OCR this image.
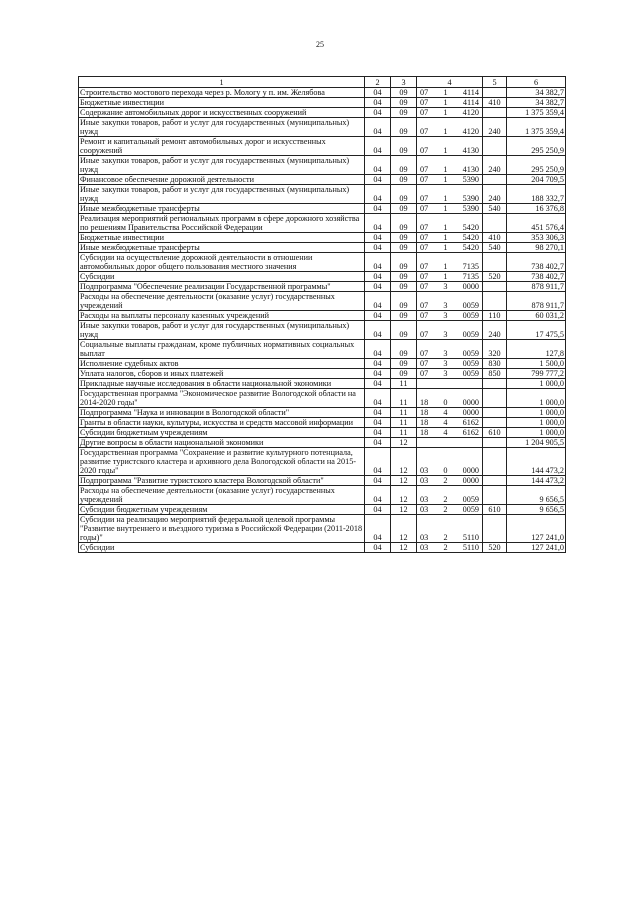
25
1	2	3	4	5	6
Строительство мостового перехода через р. Мологу у п. им. Желябова	04	09	07 1 4114		34 382,7
Бюджетные инвестиции	04	09	07 1 4114	410	34 382,7
Содержание автомобильных дорог и искусственных сооружений	04	09	07 1 4120		1 375 359,4
Иные закупки товаров, работ и услуг для государственных (муниципальных) нужд	04	09	07 1 4120	240	1 375 359,4
Ремонт и капитальный ремонт автомобильных дорог и искусственных сооружений	04	09	07 1 4130		295 250,9
Иные закупки товаров, работ и услуг для государственных (муниципальных) нужд	04	09	07 1 4130	240	295 250,9
Финансовое обеспечение дорожной деятельности	04	09	07 1 5390		204 709,5
Иные закупки товаров, работ и услуг для государственных (муниципальных) нужд	04	09	07 1 5390	240	188 332,7
Иные межбюджетные трансферты	04	09	07 1 5390	540	16 376,8
Реализация мероприятий региональных программ в сфере дорожного хозяйства по решениям Правительства Российской Федерации	04	09	07 1 5420		451 576,4
Бюджетные инвестиции	04	09	07 1 5420	410	353 306,3
Иные межбюджетные трансферты	04	09	07 1 5420	540	98 270,1
Субсидии на осуществление дорожной деятельности в отношении автомобильных дорог общего пользования местного значения	04	09	07 1 7135		738 402,7
Субсидии	04	09	07 1 7135	520	738 402,7
Подпрограмма "Обеспечение реализации Государственной программы"	04	09	07 3 0000		878 911,7
Расходы на обеспечение деятельности (оказание услуг) государственных учреждений	04	09	07 3 0059		878 911,7
Расходы на выплаты персоналу казенных учреждений	04	09	07 3 0059	110	60 031,2
Иные закупки товаров, работ и услуг для государственных (муниципальных) нужд	04	09	07 3 0059	240	17 475,5
Социальные выплаты гражданам, кроме публичных нормативных социальных выплат	04	09	07 3 0059	320	127,8
Исполнение судебных актов	04	09	07 3 0059	830	1 500,0
Уплата налогов, сборов и иных платежей	04	09	07 3 0059	850	799 777,2
Прикладные научные исследования в области национальной экономики	04	11			1 000,0
Государственная программа "Экономическое развитие Вологодской области на 2014-2020 годы"	04	11	18 0 0000		1 000,0
Подпрограмма "Наука и инновации в Вологодской области"	04	11	18 4 0000		1 000,0
Гранты в области науки, культуры, искусства и средств массовой информации	04	11	18 4 6162		1 000,0
Субсидии бюджетным учреждениям	04	11	18 4 6162	610	1 000,0
Другие вопросы в области национальной экономики	04	12			1 204 905,5
Государственная программа "Сохранение и развитие культурного потенциала, развитие туристского кластера и архивного дела Вологодской области на 2015-2020 годы"	04	12	03 0 0000		144 473,2
Подпрограмма "Развитие туристского кластера Вологодской области"	04	12	03 2 0000		144 473,2
Расходы на обеспечение деятельности (оказание услуг) государственных учреждений	04	12	03 2 0059		9 656,5
Субсидии бюджетным учреждениям	04	12	03 2 0059	610	9 656,5
Субсидии на реализацию мероприятий федеральной целевой программы "Развитие внутреннего и въездного туризма в Российской Федерации (2011-2018 годы)"	04	12	03 2 5110		127 241,0
Субсидии	04	12	03 2 5110	520	127 241,0
